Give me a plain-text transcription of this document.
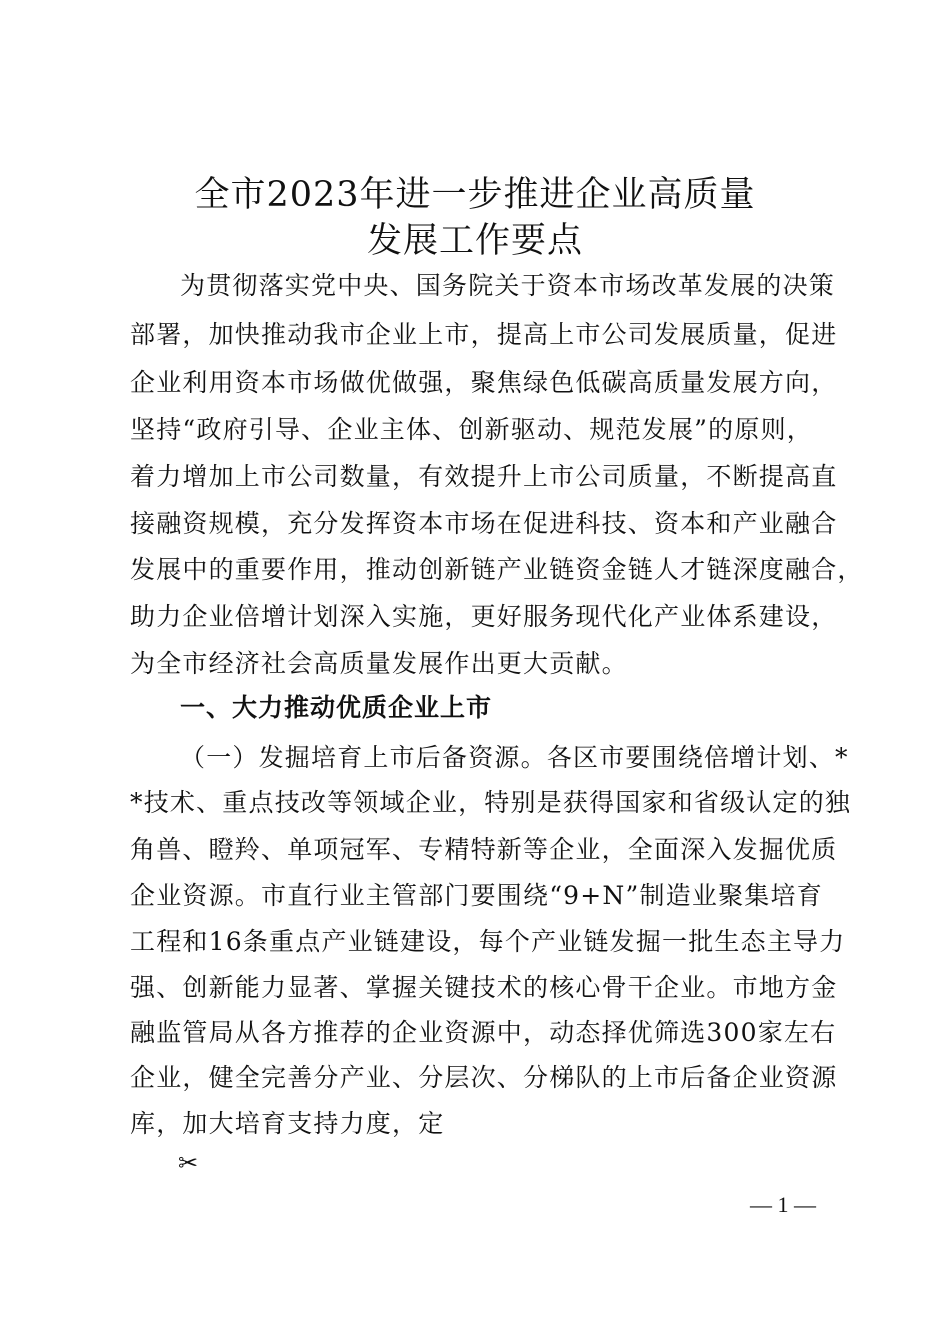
全市2023年进一步推进企业高质量
发展工作要点
为贯彻落实党中央、国务院关于资本市场改革发展的决策
部署，加快推动我市企业上市，提高上市公司发展质量，促进
企业利用资本市场做优做强，聚焦绿色低碳高质量发展方向，
坚持“政府引导、企业主体、创新驱动、规范发展”的原则，
着力增加上市公司数量，有效提升上市公司质量，不断提高直
接融资规模，充分发挥资本市场在促进科技、资本和产业融合
发展中的重要作用，推动创新链产业链资金链人才链深度融合，
助力企业倍增计划深入实施，更好服务现代化产业体系建设，
为全市经济社会高质量发展作出更大贡献。
一、大力推动优质企业上市
（一）发掘培育上市后备资源。各区市要围绕倍增计划、*
*技术、重点技改等领域企业，特别是获得国家和省级认定的独
角兽、瞪羚、单项冠军、专精特新等企业，全面深入发掘优质
企业资源。市直行业主管部门要围绕“9+N”制造业聚集培育
工程和16条重点产业链建设，每个产业链发掘一批生态主导力
强、创新能力显著、掌握关键技术的核心骨干企业。市地方金
融监管局从各方推荐的企业资源中，动态择优筛选300家左右
企业，健全完善分产业、分层次、分梯队的上市后备企业资源
库，加大培育支持力度，定
✂
— 1 —
